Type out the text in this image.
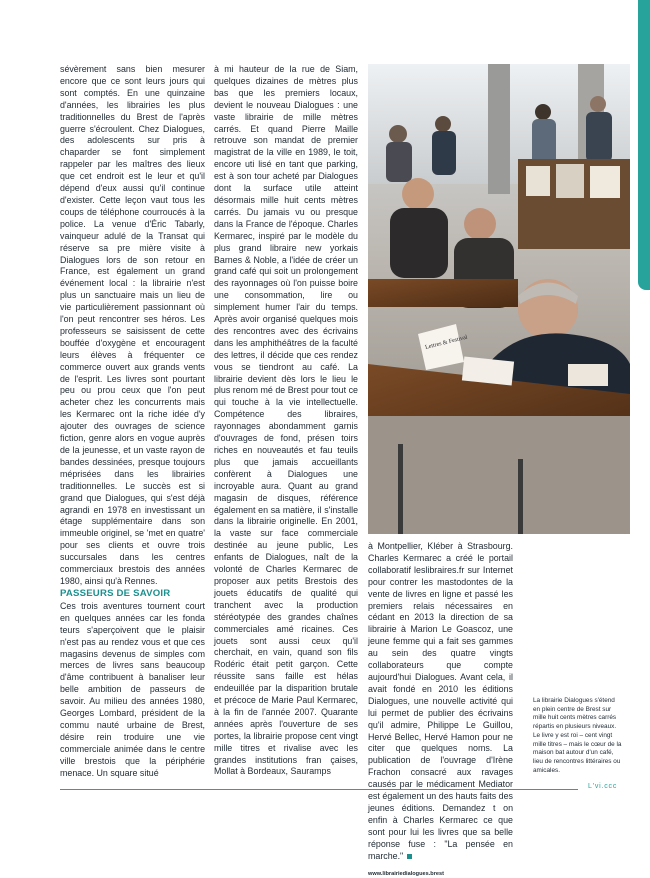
sévèrement sans bien mesurer encore que ce sont leurs jours qui sont comptés. En une quinzaine d'années, les librairies les plus traditionnelles du Brest de l'après guerre s'écroulent. Chez Dialogues, des adolescents sur pris à chaparder se font simplement rappeler par les maîtres des lieux que cet endroit est le leur et qu'il dépend d'eux aussi qu'il continue d'exister. Cette leçon vaut tous les coups de téléphone courroucés à la police. La venue d'Éric Tabarly, vainqueur adulé de la Transat qui réserve sa pre mière visite à Dialogues lors de son retour en France, est également un grand événement local : la librairie n'est plus un sanctuaire mais un lieu de vie particulièrement passionnant où l'on peut rencontrer ses héros. Les professeurs se saisissent de cette bouffée d'oxygène et encouragent leurs élèves à fréquenter ce commerce ouvert aux grands vents de l'esprit. Les livres sont pourtant peu ou prou ceux que l'on peut acheter chez les concurrents mais les Kermarec ont la riche idée d'y ajouter des ouvrages de science fiction, genre alors en vogue auprès de la jeunesse, et un vaste rayon de bandes dessinées, presque toujours méprisées dans les librairies traditionnelles. Le succès est si grand que Dialogues, qui s'est déjà agrandi en 1978 en investissant un étage supplémentaire dans son immeuble originel, se 'met en quatre' pour ses clients et ouvre trois succursales dans les centres commerciaux brestois des années 1980, ainsi qu'à Rennes.

PASSEURS DE SAVOIR

Ces trois aventures tournent court en quelques années car les fonda teurs s'aperçoivent que le plaisir n'est pas au rendez vous et que ces magasins devenus de simples com merces de livres sans beaucoup d'âme contribuent à banaliser leur belle ambition de passeurs de savoir. Au milieu des années 1980, Georges Lombard, président de la commu nauté urbaine de Brest, désire rein troduire une vie commerciale animée dans le centre ville brestois que la périphérie menace. Un square situé

à mi hauteur de la rue de Siam, quelques dizaines de mètres plus bas que les premiers locaux, devient le nouveau Dialogues : une vaste librairie de mille mètres carrés. Et quand Pierre Maille retrouve son mandat de premier magistrat de la ville en 1989, le toit, encore uti lisé en tant que parking, est à son tour acheté par Dialogues dont la surface utile atteint désormais mille huit cents mètres carrés. Du jamais vu ou presque dans la France de l'époque. Charles Kermarec, inspiré par le modèle du plus grand libraire new yorkais Barnes & Noble, a l'idée de créer un grand café qui soit un prolongement des rayonnages où l'on puisse boire une consommation, lire ou simplement humer l'air du temps. Après avoir organisé quelques mois des rencontres avec des écrivains dans les amphithéâtres de la faculté des lettres, il décide que ces rendez vous se tiendront au café. La librairie devient dès lors le lieu le plus renom mé de Brest pour tout ce qui touche à la vie intellectuelle. Compétence des libraires, rayonnages abondamment garnis d'ouvrages de fond, présen toirs riches en nouveautés et fau teuils plus que jamais accueillants confèrent à Dialogues une incroyable aura. Quant au grand magasin de disques, référence également en sa matière, il s'installe dans la librairie originelle. En 2001, la vaste sur face commerciale destinée au jeune public, Les enfants de Dialogues, naît de la volonté de Charles Kermarec de proposer aux petits Brestois des jouets éducatifs de qualité qui tranchent avec la production stéréotypée des grandes chaînes commerciales amé ricaines. Ces jouets sont aussi ceux qu'il cherchait, en vain, quand son fils Rodéric était petit garçon. Cette réussite sans faille est hélas endeuillée par la disparition brutale et précoce de Marie Paul Kermarec, à la fin de l'année 2007. Quarante années après l'ouverture de ses portes, la librairie propose cent vingt mille titres et rivalise avec les grandes institutions fran çaises, Mollat à Bordeaux, Sauramps

Lettres & Festival

à Montpellier, Kléber à Strasbourg. Charles Kermarec a créé le portail collaboratif leslibraires.fr sur Internet pour contrer les mastodontes de la vente de livres en ligne et passé les premiers relais nécessaires en cédant en 2013 la direction de sa librairie à Marion Le Goascoz, une jeune femme qui a fait ses gammes au sein des quatre vingts collaborateurs que compte aujourd'hui Dialogues. Avant cela, il avait fondé en 2010 les éditions Dialogues, une nouvelle activité qui lui permet de publier des écrivains qu'il admire, Philippe Le Guillou, Hervé Bellec, Hervé Hamon pour ne citer que quelques noms. La publication de l'ouvrage d'Irène Frachon consacré aux ravages causés par le médicament Mediator est également un des hauts faits des jeunes éditions. Demandez t on enfin à Charles Kermarec ce que sont pour lui les livres que sa belle réponse fuse : "La pensée en marche."

www.librairiedialogues.brest

La librairie Dialogues s'étend en plein centre de Brest sur mille huit cents mètres carrés répartis en plusieurs niveaux. Le livre y est roi – cent vingt mille titres – mais le cœur de la maison bat autour d'un café, lieu de rencontres littéraires ou amicales.

L'vi.ccc
